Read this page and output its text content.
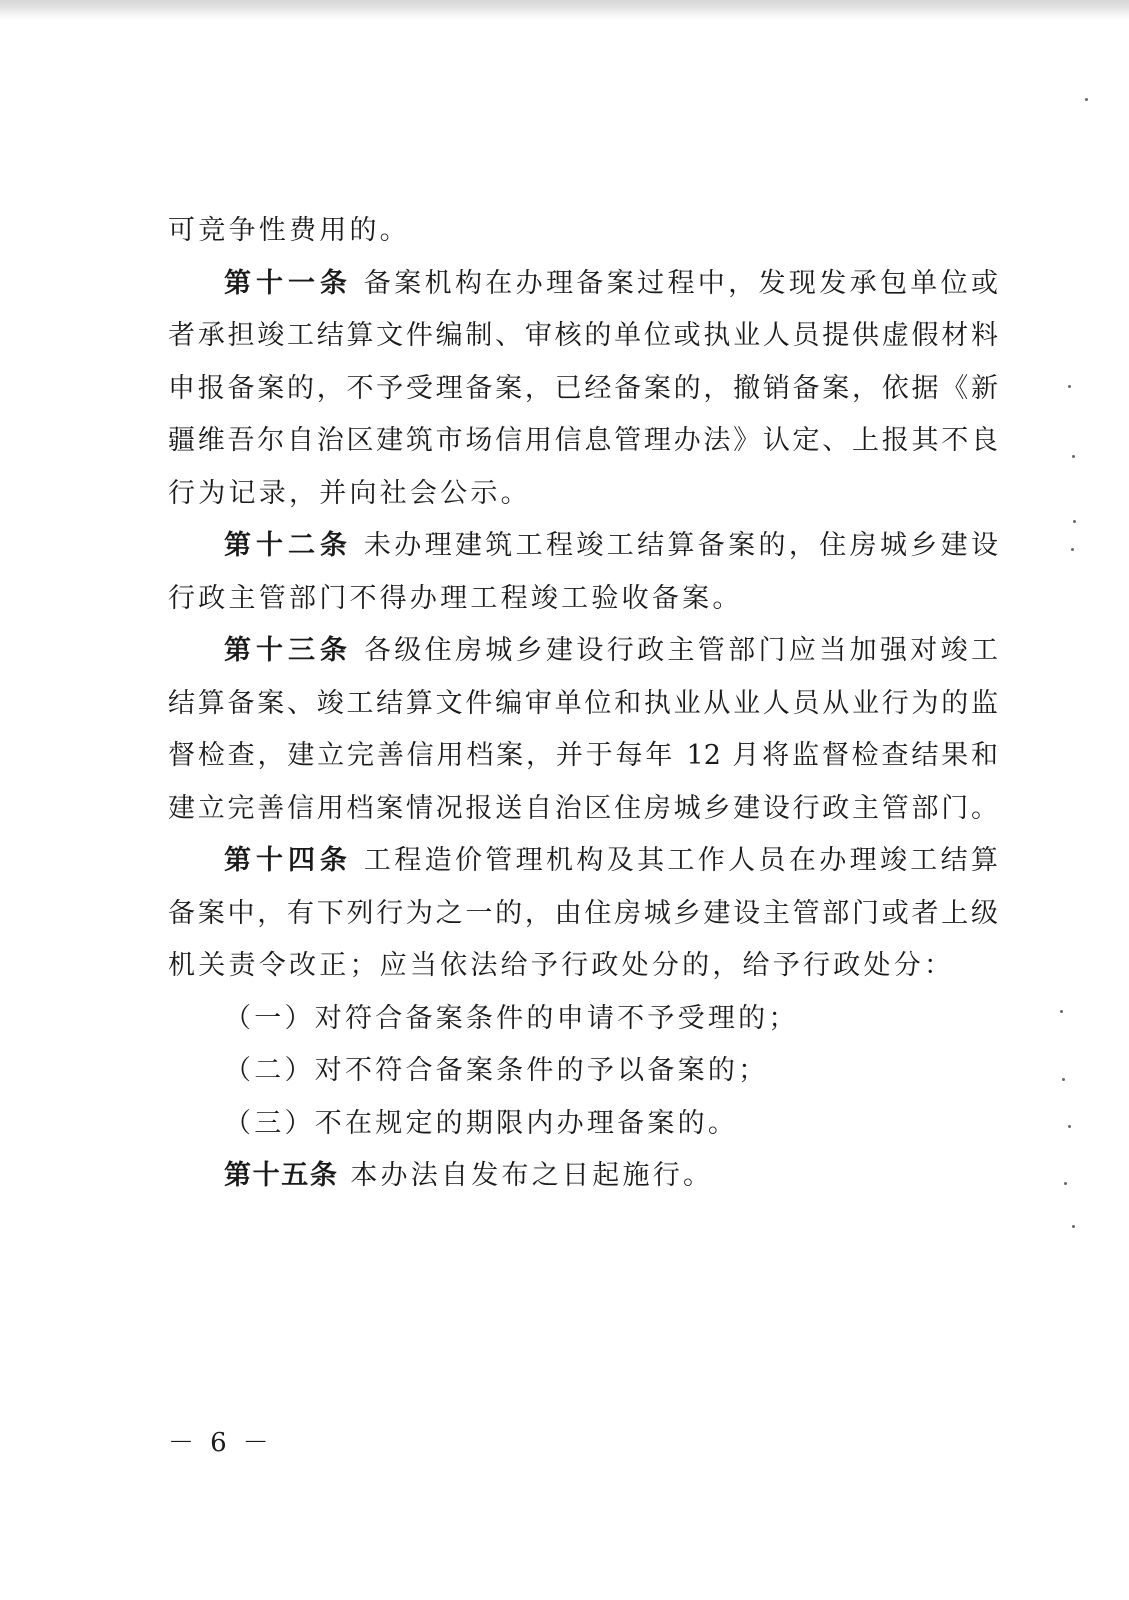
可竞争性费用的。
第十一条 备案机构在办理备案过程中，发现发承包单位或
者承担竣工结算文件编制、审核的单位或执业人员提供虚假材料
申报备案的，不予受理备案，已经备案的，撤销备案，依据《新
疆维吾尔自治区建筑市场信用信息管理办法》认定、上报其不良
行为记录，并向社会公示。
第十二条 未办理建筑工程竣工结算备案的，住房城乡建设
行政主管部门不得办理工程竣工验收备案。
第十三条 各级住房城乡建设行政主管部门应当加强对竣工
结算备案、竣工结算文件编审单位和执业从业人员从业行为的监
督检查，建立完善信用档案，并于每年 12 月将监督检查结果和
建立完善信用档案情况报送自治区住房城乡建设行政主管部门。
第十四条 工程造价管理机构及其工作人员在办理竣工结算
备案中，有下列行为之一的，由住房城乡建设主管部门或者上级
机关责令改正；应当依法给予行政处分的，给予行政处分：
（一）对符合备案条件的申请不予受理的；
（二）对不符合备案条件的予以备案的；
（三）不在规定的期限内办理备案的。
第十五条 本办法自发布之日起施行。
－ 6 －
